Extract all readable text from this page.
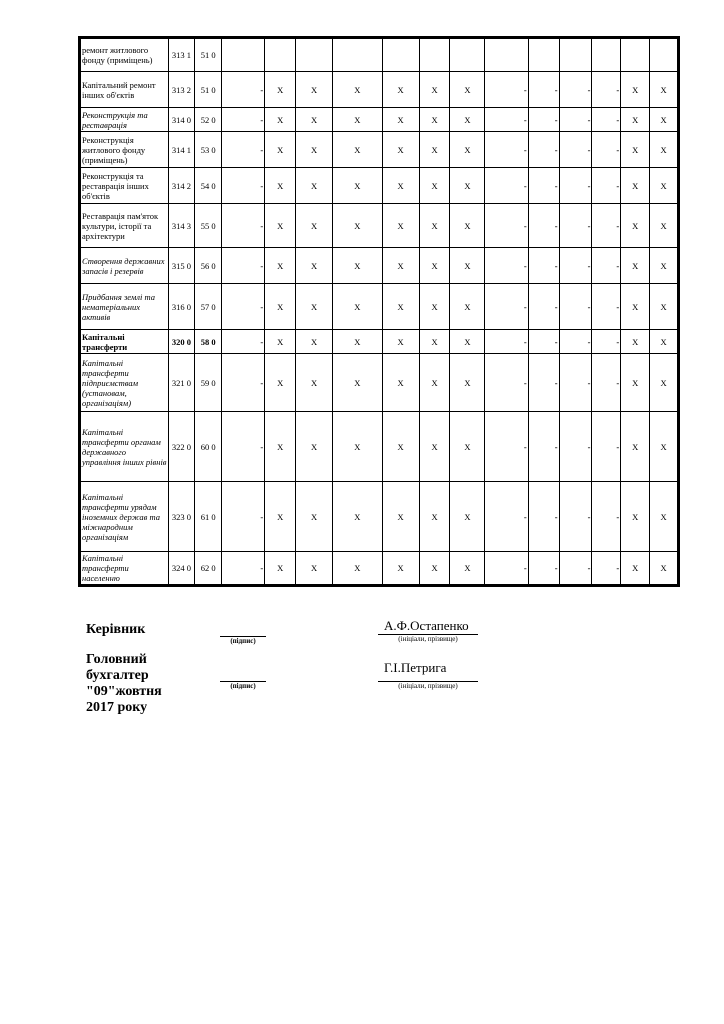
ремонт житлового фонду (приміщень)	313 1	51 0													
Капітальний ремонт інших об'єктів	313 2	51 0	-	X	X	X	X	X	X	-	-	-	-	X	X
Реконструкція та реставрація	314 0	52 0	-	X	X	X	X	X	X	-	-	-	-	X	X
Реконструкція житлового фонду (приміщень)	314 1	53 0	-	X	X	X	X	X	X	-	-	-	-	X	X
Реконструкція та реставрація інших об'єктів	314 2	54 0	-	X	X	X	X	X	X	-	-	-	-	X	X
Реставрація пам'яток культури, історії та архітектури	314 3	55 0	-	X	X	X	X	X	X	-	-	-	-	X	X
Створення державних запасів і резервів	315 0	56 0	-	X	X	X	X	X	X	-	-	-	-	X	X
Придбання землі та нематеріальних активів	316 0	57 0	-	X	X	X	X	X	X	-	-	-	-	X	X
Капітальні трансферти	320 0	58 0	-	X	X	X	X	X	X	-	-	-	-	X	X
Капітальні трансферти підприємствам (установам, організаціям)	321 0	59 0	-	X	X	X	X	X	X	-	-	-	-	X	X
Капітальні трансферти органам державного управління інших рівнів	322 0	60 0	-	X	X	X	X	X	X	-	-	-	-	X	X
Капітальні трансферти урядам іноземних держав та міжнародним організаціям	323 0	61 0	-	X	X	X	X	X	X	-	-	-	-	X	X
Капітальні трансферти населенню	324 0	62 0	-	X	X	X	X	X	X	-	-	-	-	X	X
Керівник
(підпис)
А.Ф.Остапенко
(ініціали, прізвище)
Головний
бухгалтер
"09"жовтня
2017 року
(підпис)
Г.І.Петрига
(ініціали, прізвище)
